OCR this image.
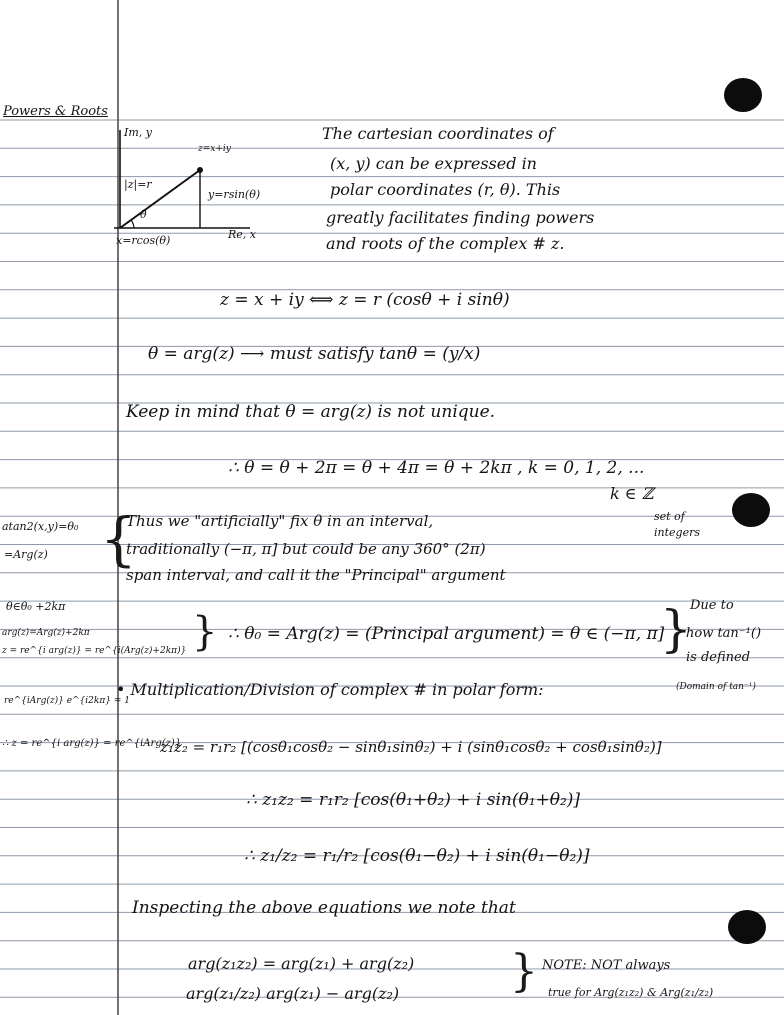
Powers & Roots
Im, y
z=x+iy
|z|=r
y=rsin(θ)
θ
Re, x
x=rcos(θ)
The cartesian coordinates of
(x, y) can be expressed in
polar coordinates (r, θ). This
greatly facilitates finding powers
and roots of the complex # z.
z = x + iy ⟺ z = r (cosθ + i sinθ)
θ = arg(z) ⟶ must satisfy tanθ = (y/x)
Keep in mind that θ = arg(z) is not unique.
∴ θ = θ + 2π = θ + 4π = θ + 2kπ , k = 0, 1, 2, ...
k ∈ ℤ
set of
integers
atan2(x,y)=θ₀
=Arg(z)
θ∈θ₀ +2kπ
arg(z)=Arg(z)+2kπ
z = re^{i arg(z)} = re^{i(Arg(z)+2kπ)}
re^{iArg(z)} e^{i2kπ} = 1
∴ z = re^{i arg(z)} = re^{iArg(z)}
{
Thus we "artificially" fix θ in an interval,
traditionally (−π, π] but could be any 360° (2π)
span interval, and call it the "Principal" argument
} ∴ θ₀ = Arg(z) = (Principal argument) = θ ∈ (−π, π]
}
Due to
how tan⁻¹()
is defined
(Domain of tan⁻¹)
• Multiplication/Division of complex # in polar form:
z₁z₂ = r₁r₂ [(cosθ₁cosθ₂ − sinθ₁sinθ₂) + i (sinθ₁cosθ₂ + cosθ₁sinθ₂)]
∴ z₁z₂ = r₁r₂ [cos(θ₁+θ₂) + i sin(θ₁+θ₂)]
∴ z₁/z₂ = r₁/r₂ [cos(θ₁−θ₂) + i sin(θ₁−θ₂)]
Inspecting the above equations we note that
arg(z₁z₂) = arg(z₁) + arg(z₂)
arg(z₁/z₂) arg(z₁) − arg(z₂)	} NOTE: NOT always
true for Arg(z₁z₂) & Arg(z₁/z₂)
